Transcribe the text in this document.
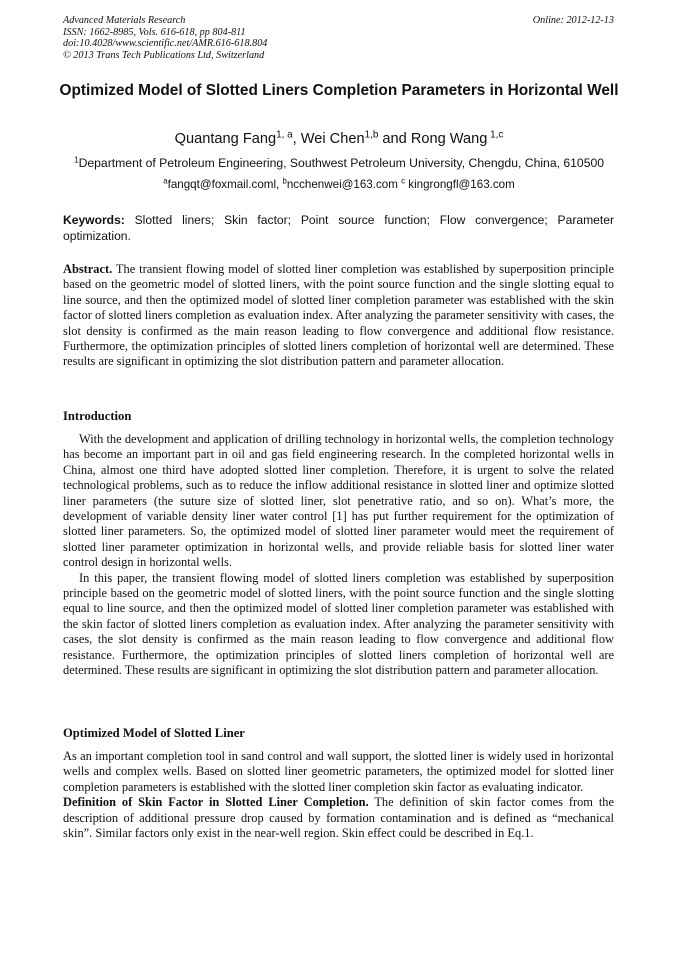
Advanced Materials Research
ISSN: 1662-8985, Vols. 616-618, pp 804-811
doi:10.4028/www.scientific.net/AMR.616-618.804
© 2013 Trans Tech Publications Ltd, Switzerland
Online: 2012-12-13
Optimized Model of Slotted Liners Completion Parameters in Horizontal Well
Quantang Fang$^{1, a}$, Wei Chen$^{1,b}$ and Rong Wang $^{1,c}$
$^1$Department of Petroleum Engineering, Southwest Petroleum University, Chengdu, China, 610500
$^a$fangqt@foxmail.coml, $^b$ncchenwei@163.com $^c$ kingrongfl@163.com
Keywords: Slotted liners; Skin factor; Point source function; Flow convergence; Parameter optimization.

Abstract. The transient flowing model of slotted liner completion was established by superposition principle based on the geometric model of slotted liners, with the point source function and the single slotting equal to line source, and then the optimized model of slotted liner completion parameter was established with the skin factor of slotted liners completion as evaluation index. After analyzing the parameter sensitivity with cases, the slot density is confirmed as the main reason leading to flow convergence and additional flow resistance. Furthermore, the optimization principles of slotted liners completion of horizontal well are determined. These results are significant in optimizing the slot distribution pattern and parameter allocation.

Introduction

With the development and application of drilling technology in horizontal wells, the completion technology has become an important part in oil and gas field engineering research. In the completed horizontal wells in China, almost one third have adopted slotted liner completion. Therefore, it is urgent to solve the related technological problems, such as to reduce the inflow additional resistance in slotted liner and optimize slotted liner parameters (the suture size of slotted liner, slot penetrative ratio, and so on). What’s more, the development of variable density liner water control [1] has put further requirement for the optimization of slotted liner parameters. So, the optimized model of slotted liner parameter would meet the requirement of slotted liner parameter optimization in horizontal wells, and provide reliable basis for slotted liner water control design in horizontal wells.

In this paper, the transient flowing model of slotted liners completion was established by superposition principle based on the geometric model of slotted liners, with the point source function and the single slotting equal to line source, and then the optimized model of slotted liner completion parameter was established with the skin factor of slotted liners completion as evaluation index. After analyzing the parameter sensitivity with cases, the slot density is confirmed as the main reason leading to flow convergence and additional flow resistance. Furthermore, the optimization principles of slotted liners completion of horizontal well are determined. These results are significant in optimizing the slot distribution pattern and parameter allocation.

Optimized Model of Slotted Liner

As an important completion tool in sand control and wall support, the slotted liner is widely used in horizontal wells and complex wells. Based on slotted liner geometric parameters, the optimized model for slotted liner completion parameters is established with the slotted liner completion skin factor as evaluating indicator.

Definition of Skin Factor in Slotted Liner Completion. The definition of skin factor comes from the description of additional pressure drop caused by formation contamination and is defined as “mechanical skin”. Similar factors only exist in the near-well region. Skin effect could be described in Eq.1.
